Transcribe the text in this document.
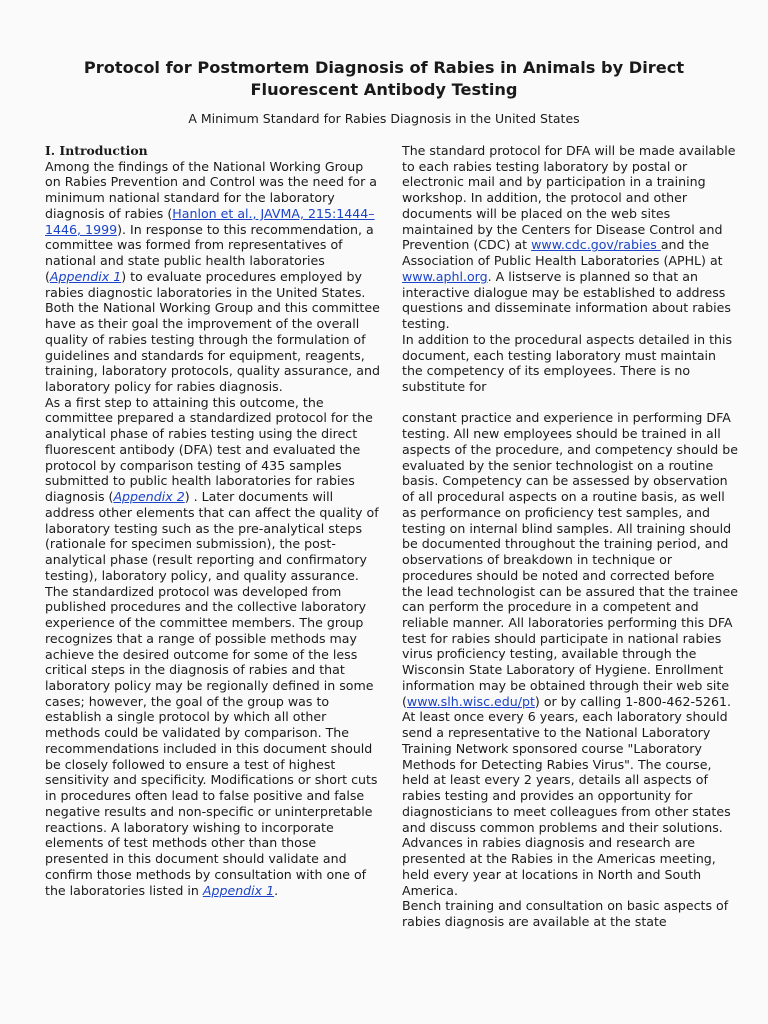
Protocol for Postmortem Diagnosis of Rabies in Animals by Direct Fluorescent Antibody Testing

A Minimum Standard for Rabies Diagnosis in the United States

I. Introduction

Among the findings of the National Working Group on Rabies Prevention and Control was the need for a minimum national standard for the laboratory diagnosis of rabies (Hanlon et al., JAVMA, 215:1444–1446, 1999). In response to this recommendation, a committee was formed from representatives of national and state public health laboratories (Appendix 1) to evaluate procedures employed by rabies diagnostic laboratories in the United States. Both the National Working Group and this committee have as their goal the improvement of the overall quality of rabies testing through the formulation of guidelines and standards for equipment, reagents, training, laboratory protocols, quality assurance, and laboratory policy for rabies diagnosis.

As a first step to attaining this outcome, the committee prepared a standardized protocol for the analytical phase of rabies testing using the direct fluorescent antibody (DFA) test and evaluated the protocol by comparison testing of 435 samples submitted to public health laboratories for rabies diagnosis (Appendix 2) . Later documents will address other elements that can affect the quality of laboratory testing such as the pre-analytical steps (rationale for specimen submission), the post-analytical phase (result reporting and confirmatory testing), laboratory policy, and quality assurance.

The standardized protocol was developed from published procedures and the collective laboratory experience of the committee members. The group recognizes that a range of possible methods may achieve the desired outcome for some of the less critical steps in the diagnosis of rabies and that laboratory policy may be regionally defined in some cases; however, the goal of the group was to establish a single protocol by which all other methods could be validated by comparison. The recommendations included in this document should be closely followed to ensure a test of highest sensitivity and specificity. Modifications or short cuts in procedures often lead to false positive and false negative results and non-specific or uninterpretable reactions. A laboratory wishing to incorporate elements of test methods other than those presented in this document should validate and confirm those methods by consultation with one of the laboratories listed in Appendix 1.

The standard protocol for DFA will be made available to each rabies testing laboratory by postal or electronic mail and by participation in a training workshop. In addition, the protocol and other documents will be placed on the web sites maintained by the Centers for Disease Control and Prevention (CDC) at www.cdc.gov/rabies and the Association of Public Health Laboratories (APHL) at www.aphl.org. A listserve is planned so that an interactive dialogue may be established to address questions and disseminate information about rabies testing.

In addition to the procedural aspects detailed in this document, each testing laboratory must maintain the competency of its employees. There is no substitute for

constant practice and experience in performing DFA testing. All new employees should be trained in all aspects of the procedure, and competency should be evaluated by the senior technologist on a routine basis. Competency can be assessed by observation of all procedural aspects on a routine basis, as well as performance on proficiency test samples, and testing on internal blind samples. All training should be documented throughout the training period, and observations of breakdown in technique or procedures should be noted and corrected before the lead technologist can be assured that the trainee can perform the procedure in a competent and reliable manner. All laboratories performing this DFA test for rabies should participate in national rabies virus proficiency testing, available through the Wisconsin State Laboratory of Hygiene. Enrollment information may be obtained through their web site (www.slh.wisc.edu/pt) or by calling 1-800-462-5261.

At least once every 6 years, each laboratory should send a representative to the National Laboratory Training Network sponsored course "Laboratory Methods for Detecting Rabies Virus". The course, held at least every 2 years, details all aspects of rabies testing and provides an opportunity for diagnosticians to meet colleagues from other states and discuss common problems and their solutions. Advances in rabies diagnosis and research are presented at the Rabies in the Americas meeting, held every year at locations in North and South America.

Bench training and consultation on basic aspects of rabies diagnosis are available at the state
